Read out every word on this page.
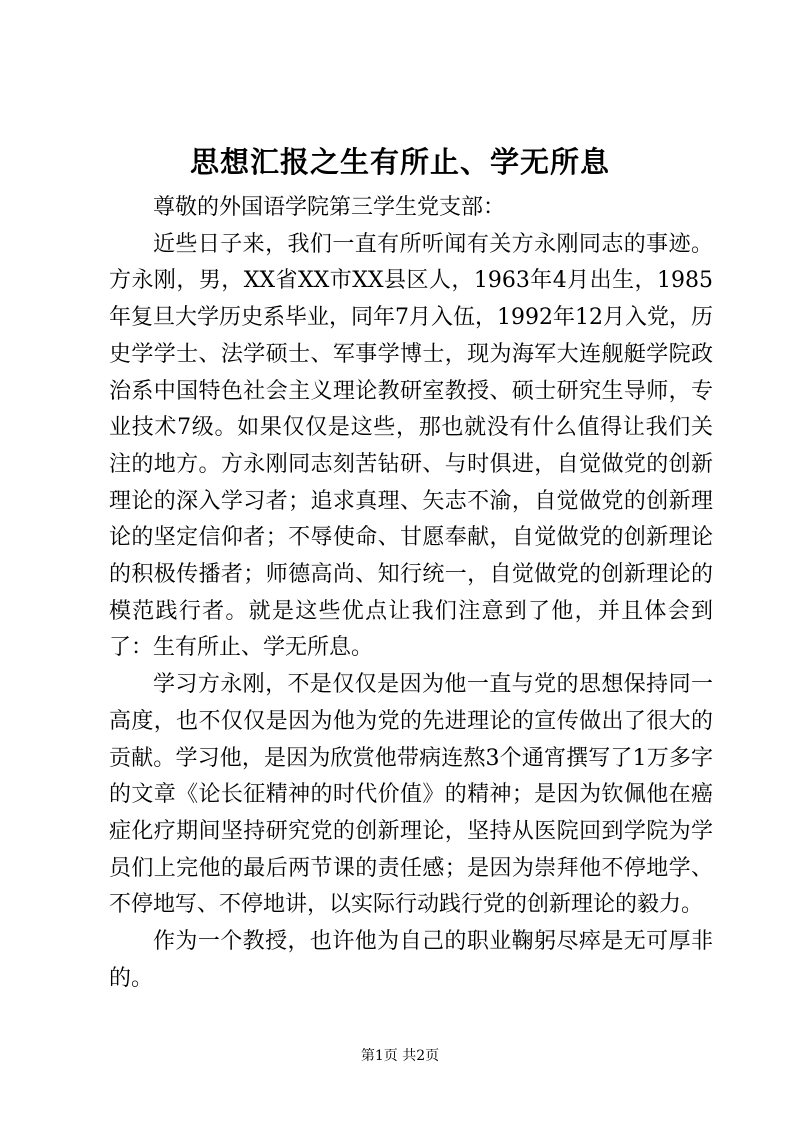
思想汇报之生有所止、学无所息

尊敬的外国语学院第三学生党支部：

近些日子来，我们一直有所听闻有关方永刚同志的事迹。方永刚，男，XX省XX市XX县区人，1963年4月出生，1985年复旦大学历史系毕业，同年7月入伍，1992年12月入党，历史学学士、法学硕士、军事学博士，现为海军大连舰艇学院政治系中国特色社会主义理论教研室教授、硕士研究生导师，专业技术7级。如果仅仅是这些，那也就没有什么值得让我们关注的地方。方永刚同志刻苦钻研、与时俱进，自觉做党的创新理论的深入学习者；追求真理、矢志不渝，自觉做党的创新理论的坚定信仰者；不辱使命、甘愿奉献，自觉做党的创新理论的积极传播者；师德高尚、知行统一，自觉做党的创新理论的模范践行者。就是这些优点让我们注意到了他，并且体会到了：生有所止、学无所息。

学习方永刚，不是仅仅是因为他一直与党的思想保持同一高度，也不仅仅是因为他为党的先进理论的宣传做出了很大的贡献。学习他，是因为欣赏他带病连熬3个通宵撰写了1万多字的文章《论长征精神的时代价值》的精神；是因为钦佩他在癌症化疗期间坚持研究党的创新理论，坚持从医院回到学院为学员们上完他的最后两节课的责任感；是因为崇拜他不停地学、不停地写、不停地讲，以实际行动践行党的创新理论的毅力。

作为一个教授，也许他为自己的职业鞠躬尽瘁是无可厚非的。

第1页 共2页
